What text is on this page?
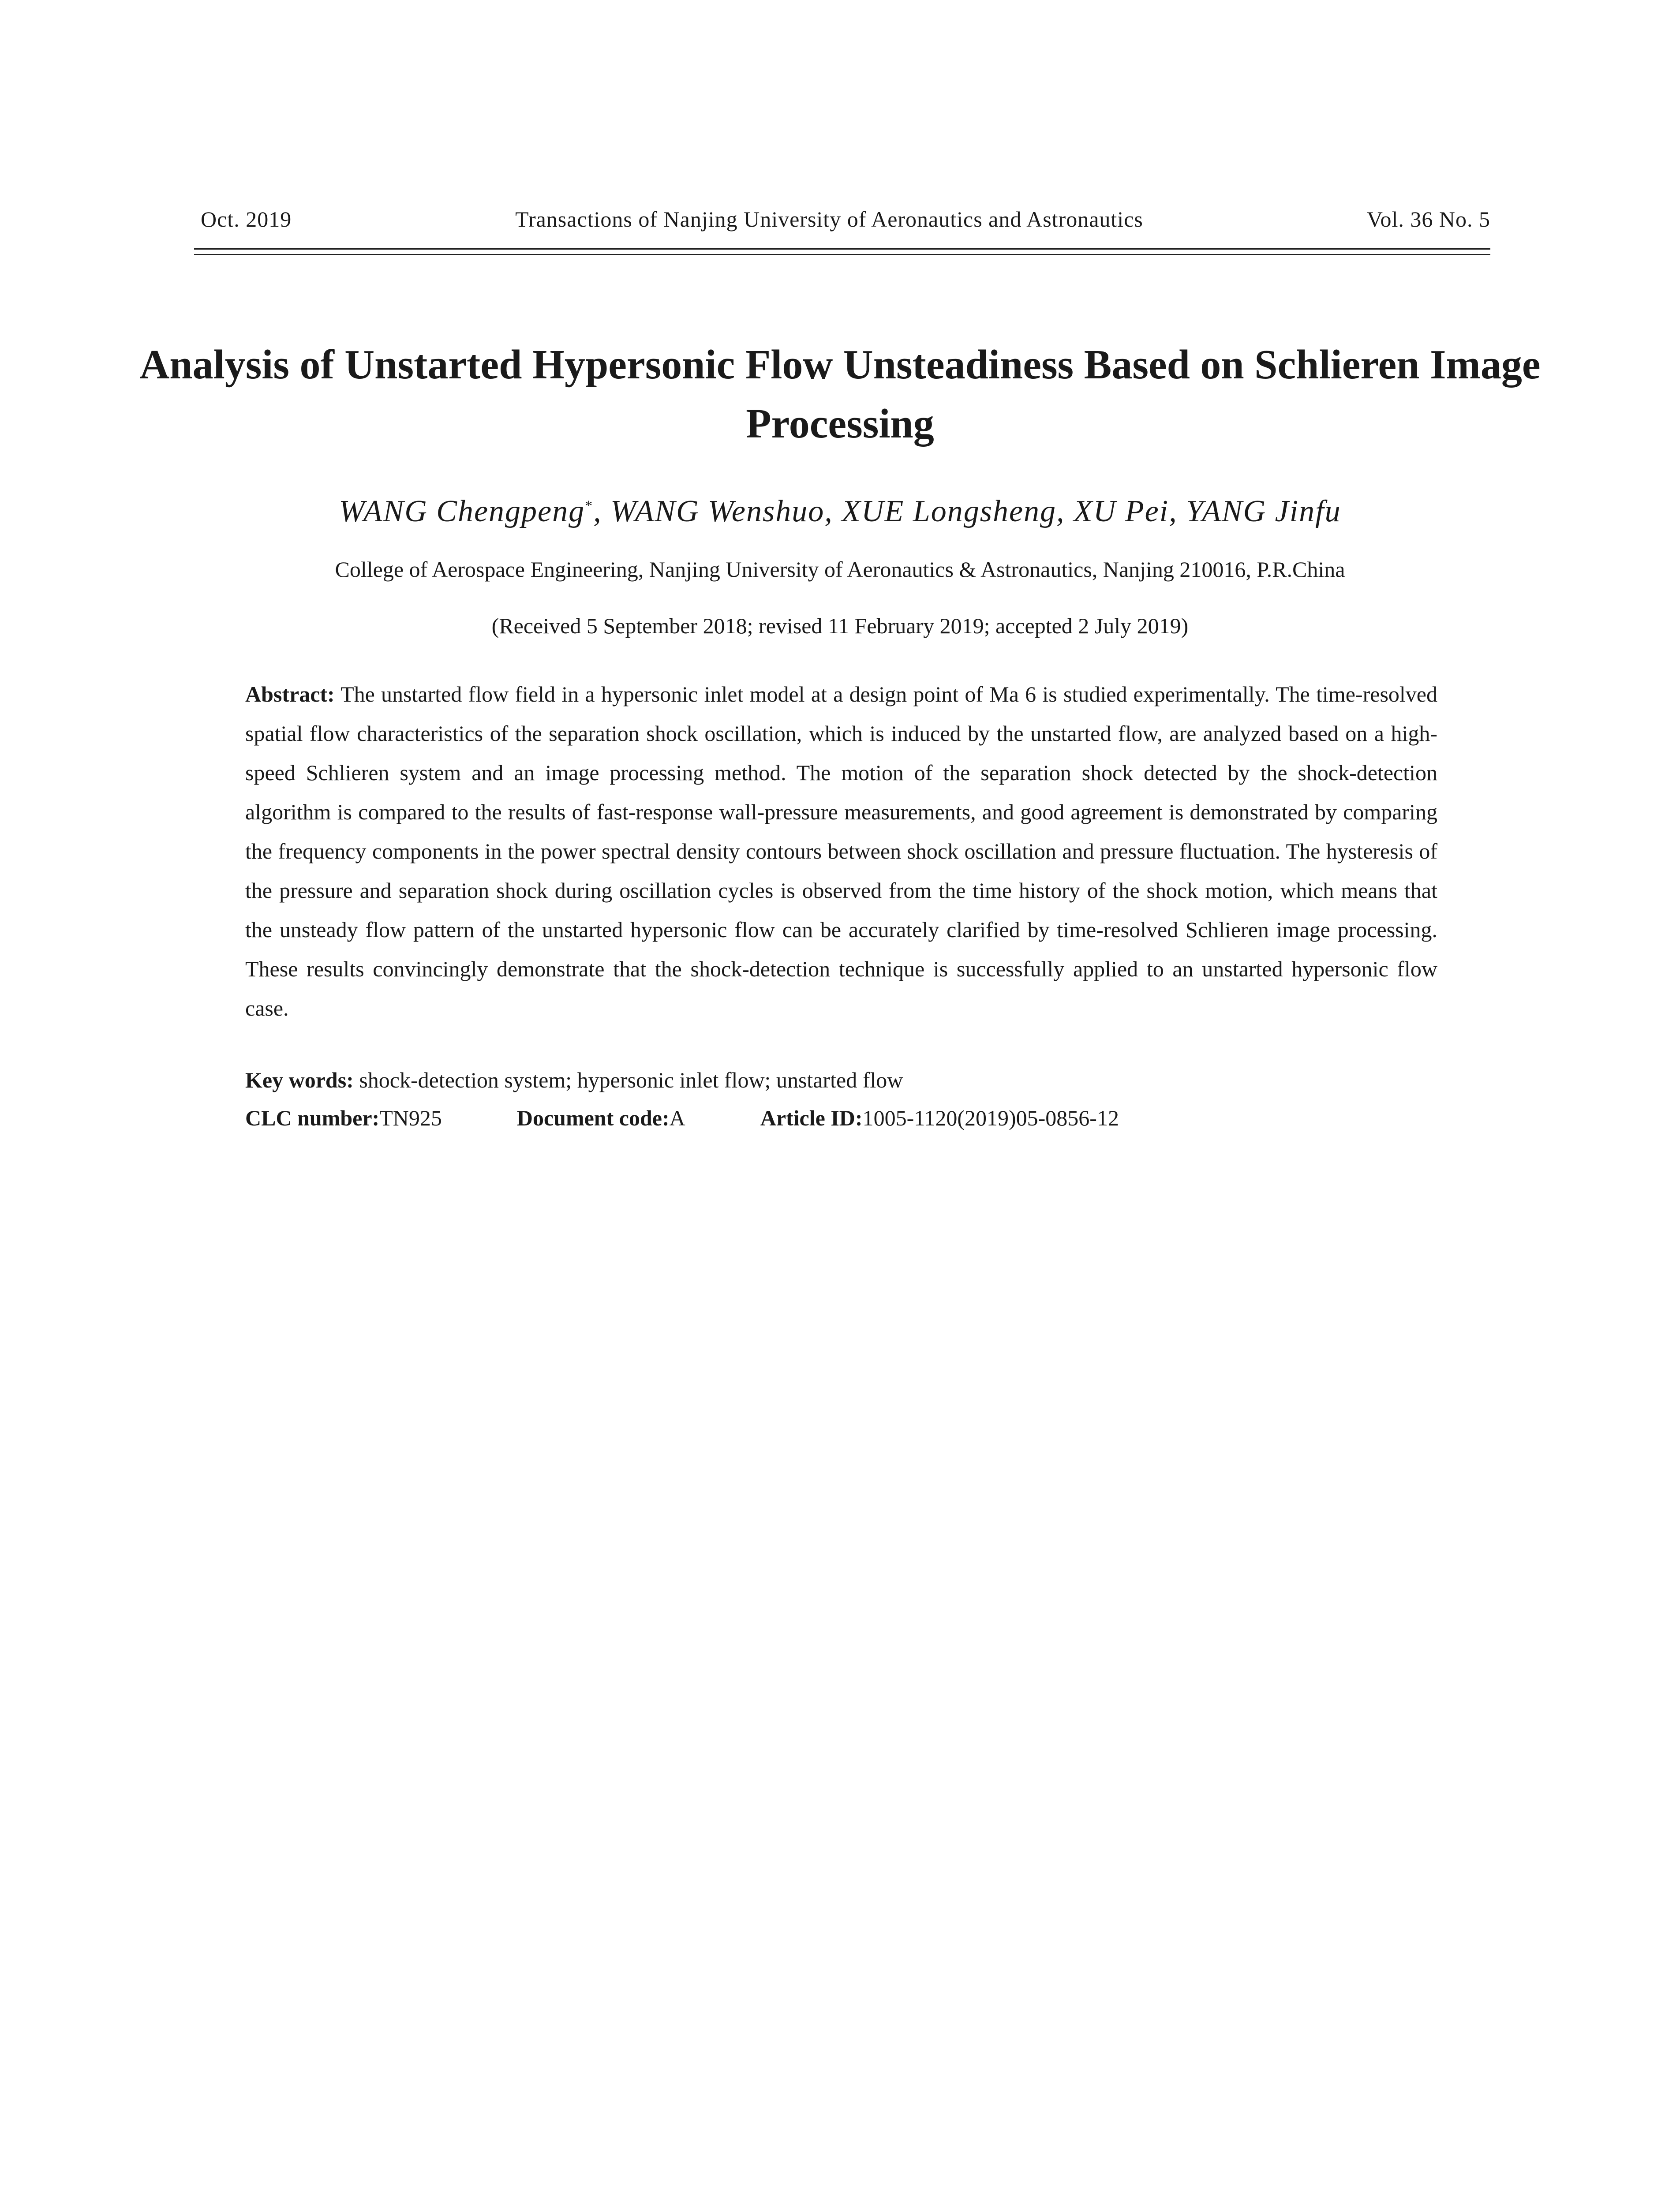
Oct. 2019	Transactions of Nanjing University of Aeronautics and Astronautics	Vol. 36 No. 5
Analysis of Unstarted Hypersonic Flow Unsteadiness Based on Schlieren Image Processing
WANG Chengpeng*, WANG Wenshuo, XUE Longsheng, XU Pei, YANG Jinfu
College of Aerospace Engineering, Nanjing University of Aeronautics & Astronautics, Nanjing 210016, P.R.China
(Received 5 September 2018; revised 11 February 2019; accepted 2 July 2019)
Abstract: The unstarted flow field in a hypersonic inlet model at a design point of Ma 6 is studied experimentally. The time-resolved spatial flow characteristics of the separation shock oscillation, which is induced by the unstarted flow, are analyzed based on a high-speed Schlieren system and an image processing method. The motion of the separation shock detected by the shock-detection algorithm is compared to the results of fast-response wall-pressure measurements, and good agreement is demonstrated by comparing the frequency components in the power spectral density contours between shock oscillation and pressure fluctuation. The hysteresis of the pressure and separation shock during oscillation cycles is observed from the time history of the shock motion, which means that the unsteady flow pattern of the unstarted hypersonic flow can be accurately clarified by time-resolved Schlieren image processing. These results convincingly demonstrate that the shock-detection technique is successfully applied to an unstarted hypersonic flow case.
Key words: shock-detection system; hypersonic inlet flow; unstarted flow
CLC number:TN925	Document code:A	Article ID:1005-1120(2019)05-0856-12
